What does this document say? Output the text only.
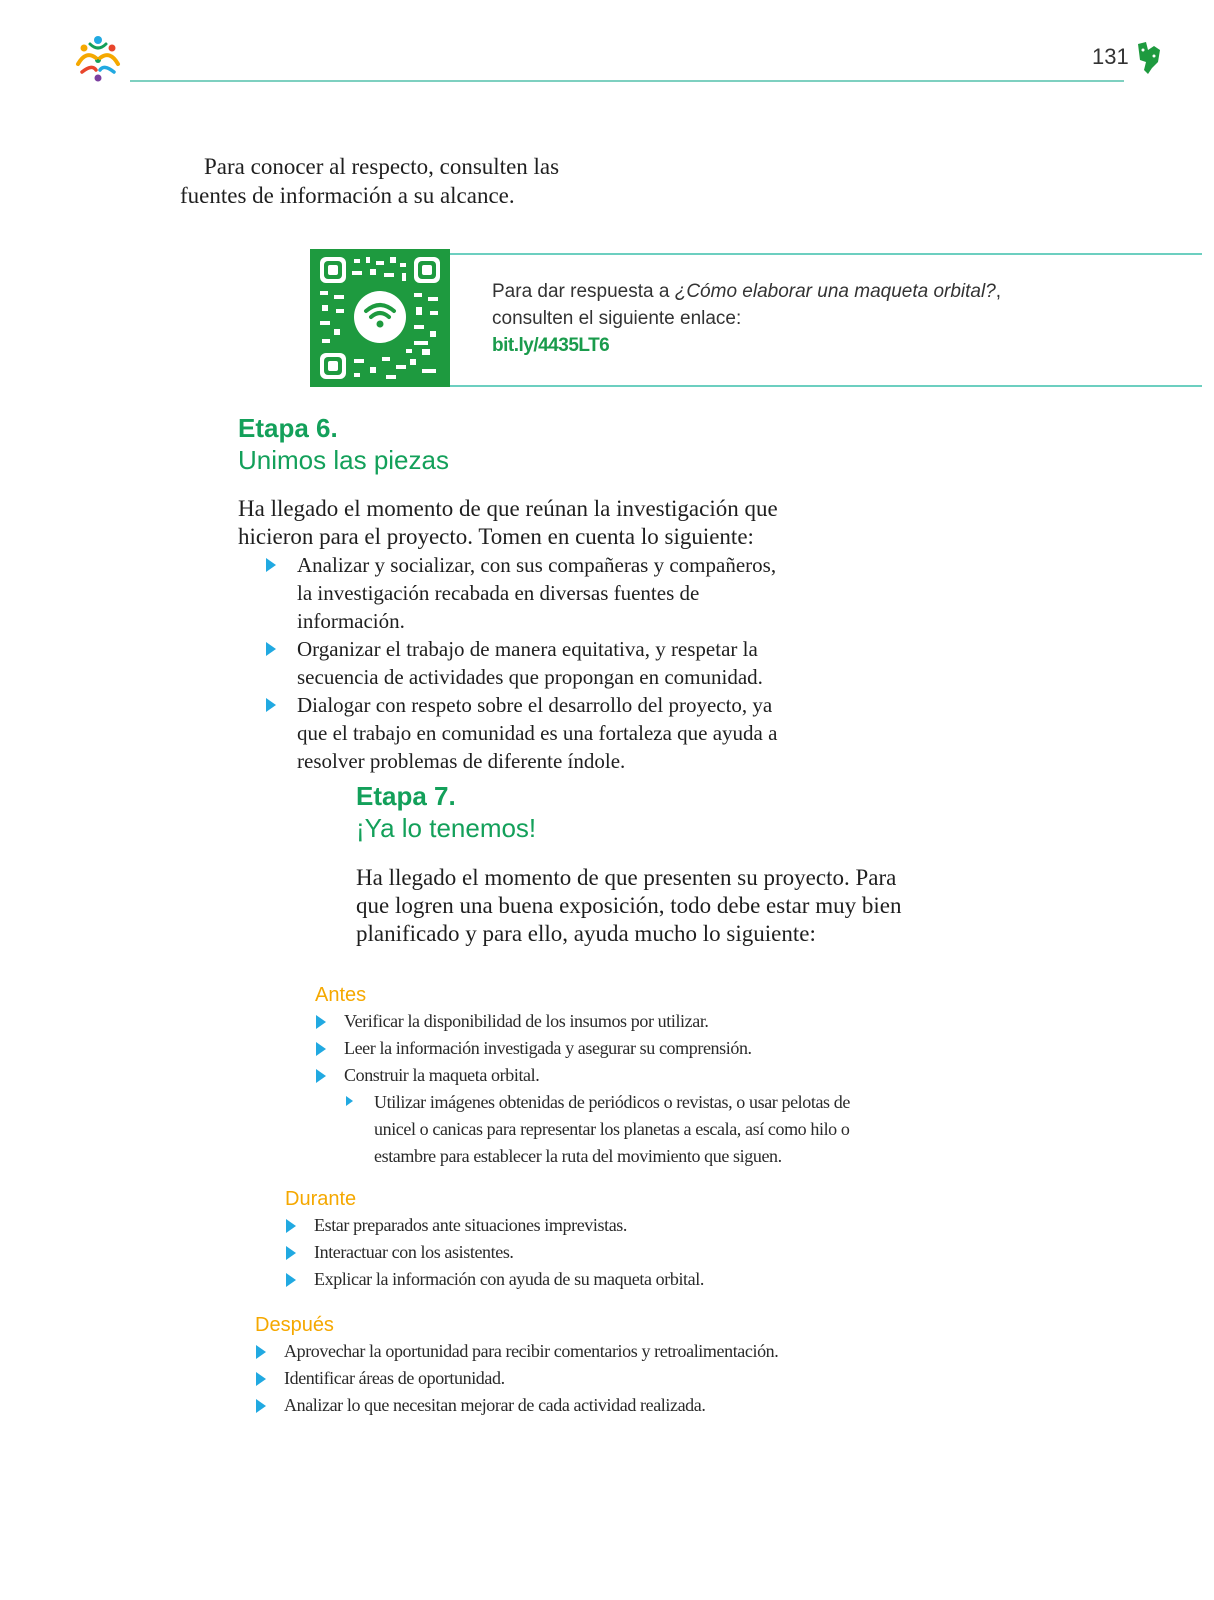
131
Para conocer al respecto, consulten las fuentes de información a su alcance.
Para dar respuesta a ¿Cómo elaborar una maqueta orbital?,
consulten el siguiente enlace:
bit.ly/4435LT6
Etapa 6.
Unimos las piezas
Ha llegado el momento de que reúnan la investigación que hicieron para el proyecto. Tomen en cuenta lo siguiente:
Analizar y socializar, con sus compañeras y compañeros, la investigación recabada en diversas fuentes de información.
Organizar el trabajo de manera equitativa, y respetar la secuencia de actividades que propongan en comunidad.
Dialogar con respeto sobre el desarrollo del proyecto, ya que el trabajo en comunidad es una fortaleza que ayuda a resolver problemas de diferente índole.
Etapa 7.
¡Ya lo tenemos!
Ha llegado el momento de que presenten su proyecto. Para que logren una buena exposición, todo debe estar muy bien planificado y para ello, ayuda mucho lo siguiente:
Antes
Verificar la disponibilidad de los insumos por utilizar.
Leer la información investigada y asegurar su comprensión.
Construir la maqueta orbital.
Utilizar imágenes obtenidas de periódicos o revistas, o usar pelotas de unicel o canicas para representar los planetas a escala, así como hilo o estambre para establecer la ruta del movimiento que siguen.
Durante
Estar preparados ante situaciones imprevistas.
Interactuar con los asistentes.
Explicar la información con ayuda de su maqueta orbital.
Después
Aprovechar la oportunidad para recibir comentarios y retroalimentación.
Identificar áreas de oportunidad.
Analizar lo que necesitan mejorar de cada actividad realizada.
